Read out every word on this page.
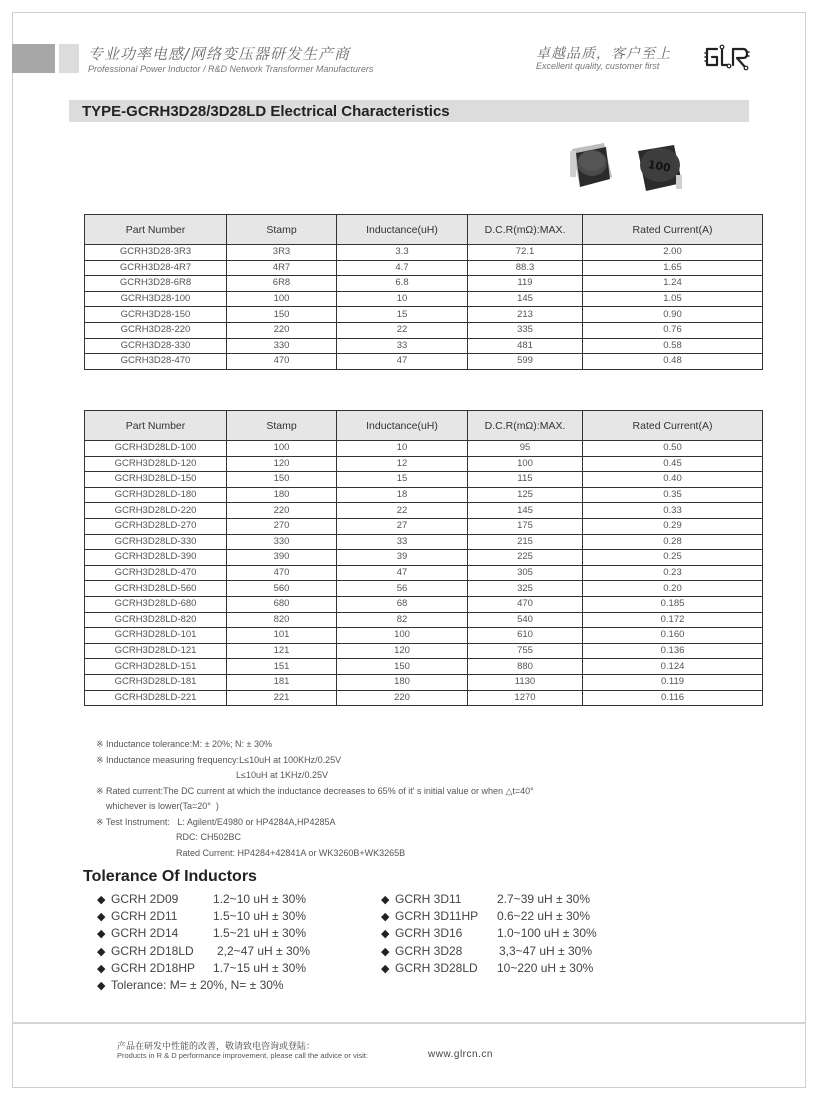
专业功率电感/网络变压器研发生产商
Professional Power Inductor / R&D Network Transformer Manufacturers
卓越品质，客户至上
Excellent quality, customer first
TYPE-GCRH3D28/3D28LD Electrical Characteristics
100
Part Number	Stamp	Inductance(uH)	D.C.R(mΩ):MAX.	Rated Current(A)
GCRH3D28-3R3	3R3	3.3	72.1	2.00
GCRH3D28-4R7	4R7	4.7	88.3	1.65
GCRH3D28-6R8	6R8	6.8	119	1.24
GCRH3D28-100	100	10	145	1.05
GCRH3D28-150	150	15	213	0.90
GCRH3D28-220	220	22	335	0.76
GCRH3D28-330	330	33	481	0.58
GCRH3D28-470	470	47	599	0.48
Part Number	Stamp	Inductance(uH)	D.C.R(mΩ):MAX.	Rated Current(A)
GCRH3D28LD-100	100	10	95	0.50
GCRH3D28LD-120	120	12	100	0.45
GCRH3D28LD-150	150	15	115	0.40
GCRH3D28LD-180	180	18	125	0.35
GCRH3D28LD-220	220	22	145	0.33
GCRH3D28LD-270	270	27	175	0.29
GCRH3D28LD-330	330	33	215	0.28
GCRH3D28LD-390	390	39	225	0.25
GCRH3D28LD-470	470	47	305	0.23
GCRH3D28LD-560	560	56	325	0.20
GCRH3D28LD-680	680	68	470	0.185
GCRH3D28LD-820	820	82	540	0.172
GCRH3D28LD-101	101	100	610	0.160
GCRH3D28LD-121	121	120	755	0.136
GCRH3D28LD-151	151	150	880	0.124
GCRH3D28LD-181	181	180	1130	0.119
GCRH3D28LD-221	221	220	1270	0.116
※ Inductance tolerance:M: ± 20%; N: ± 30%
※ Inductance measuring frequency:L≤10uH at 100KHz/0.25V
L≤10uH at 1KHz/0.25V
※ Rated current:The DC current at which the inductance decreases to 65% of it' s initial value or when △t=40°
whichever is lower(Ta=20°  )
※ Test Instrument:   L: Agilent/E4980 or HP4284A,HP4285A
RDC: CH502BC
Rated Current: HP4284+42841A or WK3260B+WK3265B
Tolerance Of Inductors
◆ GCRH 2D09	1.2~10 uH ± 30%
◆ GCRH 2D11	1.5~10 uH ± 30%
◆ GCRH 2D14	1.5~21 uH ± 30%
◆ GCRH 2D18LD 2,2~47 uH ± 30%
◆ GCRH 2D18HP 1.7~15 uH ± 30%
◆ Tolerance: M= ± 20%, N= ± 30%
◆ GCRH 3D11	2.7~39 uH ± 30%
◆ GCRH 3D11HP 0.6~22 uH ± 30%
◆ GCRH 3D16	1.0~100 uH ± 30%
◆ GCRH 3D28	3,3~47 uH ± 30%
◆ GCRH 3D28LD 10~220 uH ± 30%
产品在研发中性能的改善，敬请致电咨询或登陆：
Products in R & D performance improvement, please call the advice or visit:	www.glrcn.cn
